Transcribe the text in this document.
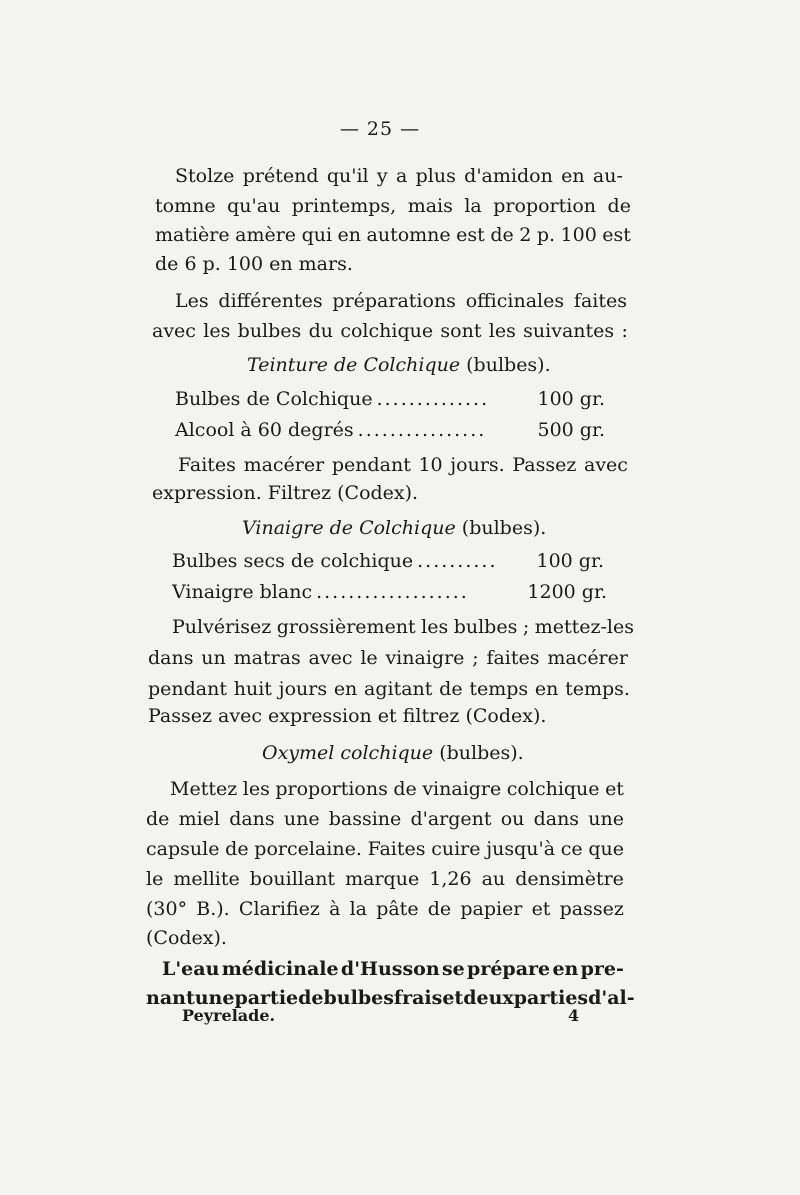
— 25 —
Stolze prétend qu'il y a plus d'amidon en au-
tomne qu'au printemps, mais la proportion de
matière amère qui en automne est de 2 p. 100 est
de 6 p. 100 en mars.
Les différentes préparations officinales faites
avec les bulbes du colchique sont les suivantes :
Teinture de Colchique (bulbes).
Bulbes de Colchique ..............	100 gr.
Alcool à 60 degrés ................	500 gr.
Faites macérer pendant 10 jours. Passez avec
expression. Filtrez (Codex).
Vinaigre de Colchique (bulbes).
Bulbes secs de colchique ..........	100 gr.
Vinaigre blanc ...................	1200 gr.
Pulvérisez grossièrement les bulbes ; mettez-les
dans un matras avec le vinaigre ; faites macérer
pendant huit jours en agitant de temps en temps.
Passez avec expression et filtrez (Codex).
Oxymel colchique (bulbes).
Mettez les proportions de vinaigre colchique et
de miel dans une bassine d'argent ou dans une
capsule de porcelaine. Faites cuire jusqu'à ce que
le mellite bouillant marque 1,26 au densimètre
(30° B.). Clarifiez à la pâte de papier et passez
(Codex).
L'eau médicinale d'Husson se prépare en pre-
nant une partie de bulbes frais et deux parties d'al-
Peyrelade.	4
